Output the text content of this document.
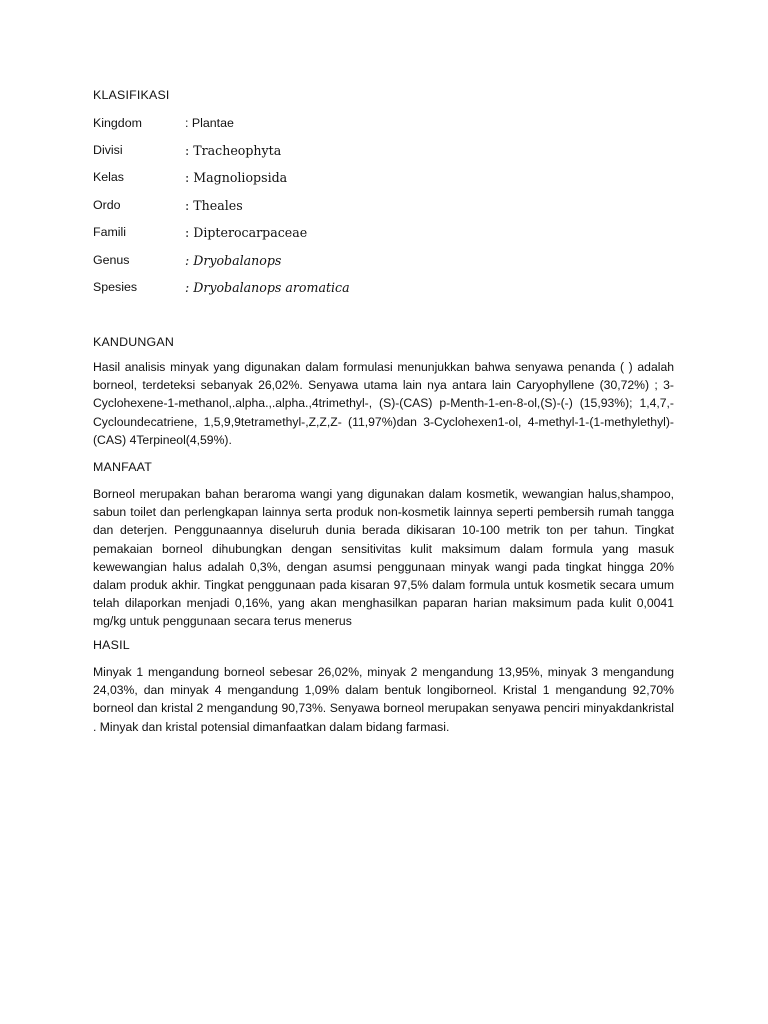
KLASIFIKASI
Kingdom	: Plantae
Divisi	: Tracheophyta
Kelas	: Magnoliopsida
Ordo	: Theales
Famili	: Dipterocarpaceae
Genus	: Dryobalanops
Spesies	: Dryobalanops aromatica
KANDUNGAN
Hasil analisis minyak yang digunakan dalam formulasi menunjukkan bahwa senyawa penanda ( ) adalah borneol, terdeteksi sebanyak 26,02%. Senyawa utama lain nya antara lain Caryophyllene (30,72%) ; 3-Cyclohexene-1-methanol,.alpha.,.alpha.,4trimethyl-, (S)-(CAS) p-Menth-1-en-8-ol,(S)-(-) (15,93%); 1,4,7,-Cycloundecatriene, 1,5,9,9tetramethyl-,Z,Z,Z- (11,97%)dan 3-Cyclohexen1-ol, 4-methyl-1-(1-methylethyl)- (CAS) 4Terpineol(4,59%).
MANFAAT
Borneol merupakan bahan beraroma wangi yang digunakan dalam kosmetik, wewangian halus,shampoo, sabun toilet dan perlengkapan lainnya serta produk non-kosmetik lainnya seperti pembersih rumah tangga dan deterjen. Penggunaannya diseluruh dunia berada dikisaran 10-100 metrik ton per tahun. Tingkat pemakaian borneol dihubungkan dengan sensitivitas kulit maksimum dalam formula yang masuk kewewangian halus adalah 0,3%, dengan asumsi penggunaan minyak wangi pada tingkat hingga 20% dalam produk akhir. Tingkat penggunaan pada kisaran 97,5% dalam formula untuk kosmetik secara umum telah dilaporkan menjadi 0,16%, yang akan menghasilkan paparan harian maksimum pada kulit 0,0041 mg/kg untuk penggunaan secara terus menerus
HASIL
Minyak 1 mengandung borneol sebesar 26,02%, minyak 2 mengandung 13,95%, minyak 3 mengandung 24,03%, dan minyak 4 mengandung 1,09% dalam bentuk longiborneol. Kristal 1 mengandung 92,70% borneol dan kristal 2 mengandung 90,73%. Senyawa borneol merupakan senyawa penciri minyakdankristal . Minyak dan kristal potensial dimanfaatkan dalam bidang farmasi.
